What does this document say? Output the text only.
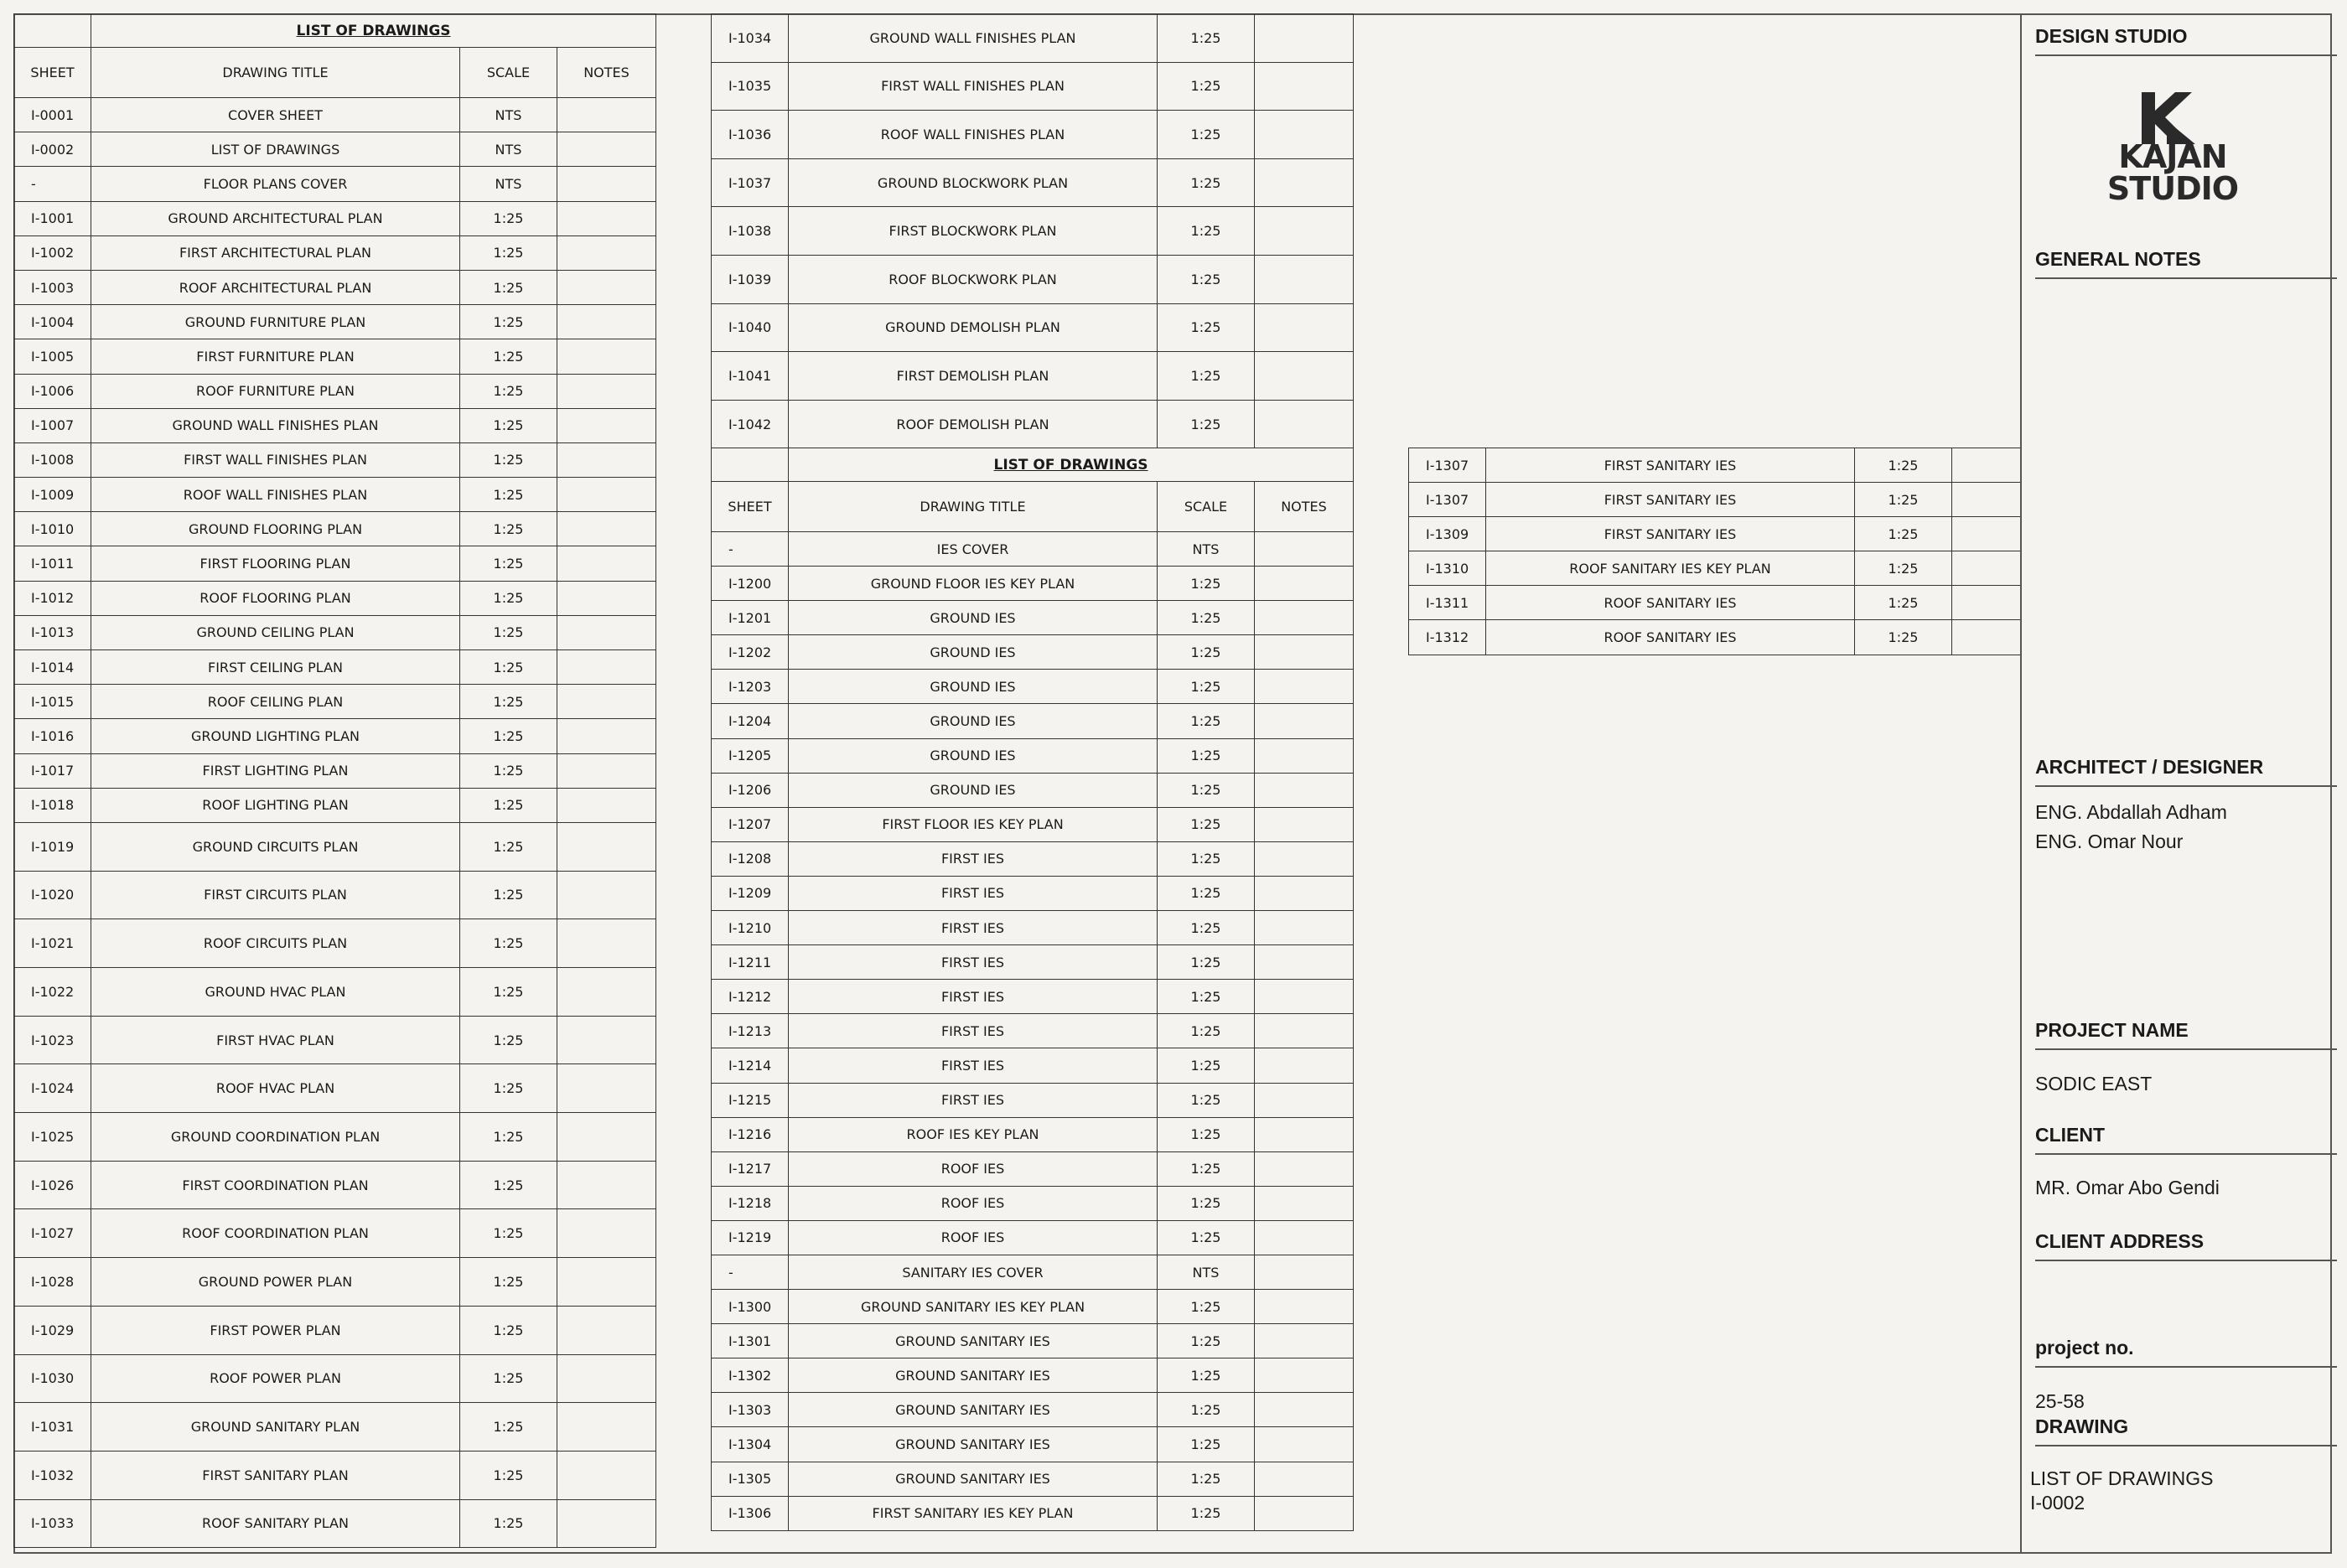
	LIST OF DRAWINGS		
SHEET	DRAWING TITLE	SCALE	NOTES
I-0001	COVER SHEET	NTS	
I-0002	LIST OF DRAWINGS	NTS	
-	FLOOR PLANS COVER	NTS	
I-1001	GROUND ARCHITECTURAL PLAN	1:25	
I-1002	FIRST ARCHITECTURAL PLAN	1:25	
I-1003	ROOF ARCHITECTURAL PLAN	1:25	
I-1004	GROUND FURNITURE PLAN	1:25	
I-1005	FIRST FURNITURE PLAN	1:25	
I-1006	ROOF FURNITURE PLAN	1:25	
I-1007	GROUND WALL FINISHES PLAN	1:25	
I-1008	FIRST WALL FINISHES PLAN	1:25	
I-1009	ROOF WALL FINISHES PLAN	1:25	
I-1010	GROUND FLOORING PLAN	1:25	
I-1011	FIRST FLOORING PLAN	1:25	
I-1012	ROOF FLOORING PLAN	1:25	
I-1013	GROUND CEILING PLAN	1:25	
I-1014	FIRST CEILING PLAN	1:25	
I-1015	ROOF CEILING PLAN	1:25	
I-1016	GROUND LIGHTING PLAN	1:25	
I-1017	FIRST LIGHTING PLAN	1:25	
I-1018	ROOF LIGHTING PLAN	1:25	
I-1019	GROUND CIRCUITS PLAN	1:25	
I-1020	FIRST CIRCUITS PLAN	1:25	
I-1021	ROOF CIRCUITS PLAN	1:25	
I-1022	GROUND HVAC PLAN	1:25	
I-1023	FIRST HVAC PLAN	1:25	
I-1024	ROOF HVAC PLAN	1:25	
I-1025	GROUND COORDINATION PLAN	1:25	
I-1026	FIRST COORDINATION PLAN	1:25	
I-1027	ROOF COORDINATION PLAN	1:25	
I-1028	GROUND POWER PLAN	1:25	
I-1029	FIRST POWER PLAN	1:25	
I-1030	ROOF POWER PLAN	1:25	
I-1031	GROUND SANITARY PLAN	1:25	
I-1032	FIRST SANITARY PLAN	1:25	
I-1033	ROOF SANITARY PLAN	1:25	
I-1034	GROUND WALL FINISHES PLAN	1:25	
I-1035	FIRST WALL FINISHES PLAN	1:25	
I-1036	ROOF WALL FINISHES PLAN	1:25	
I-1037	GROUND BLOCKWORK PLAN	1:25	
I-1038	FIRST BLOCKWORK PLAN	1:25	
I-1039	ROOF BLOCKWORK PLAN	1:25	
I-1040	GROUND DEMOLISH PLAN	1:25	
I-1041	FIRST DEMOLISH PLAN	1:25	
I-1042	ROOF DEMOLISH PLAN	1:25	
	LIST OF DRAWINGS		
SHEET	DRAWING TITLE	SCALE	NOTES
-	IES COVER	NTS	
I-1200	GROUND FLOOR IES KEY PLAN	1:25	
I-1201	GROUND IES	1:25	
I-1202	GROUND IES	1:25	
I-1203	GROUND IES	1:25	
I-1204	GROUND IES	1:25	
I-1205	GROUND IES	1:25	
I-1206	GROUND IES	1:25	
I-1207	FIRST FLOOR IES KEY PLAN	1:25	
I-1208	FIRST IES	1:25	
I-1209	FIRST IES	1:25	
I-1210	FIRST IES	1:25	
I-1211	FIRST IES	1:25	
I-1212	FIRST IES	1:25	
I-1213	FIRST IES	1:25	
I-1214	FIRST IES	1:25	
I-1215	FIRST IES	1:25	
I-1216	ROOF IES KEY PLAN	1:25	
I-1217	ROOF IES	1:25	
I-1218	ROOF IES	1:25	
I-1219	ROOF IES	1:25	
-	SANITARY IES COVER	NTS	
I-1300	GROUND SANITARY IES KEY PLAN	1:25	
I-1301	GROUND SANITARY IES	1:25	
I-1302	GROUND SANITARY IES	1:25	
I-1303	GROUND SANITARY IES	1:25	
I-1304	GROUND SANITARY IES	1:25	
I-1305	GROUND SANITARY IES	1:25	
I-1306	FIRST SANITARY IES KEY PLAN	1:25	
I-1307	FIRST SANITARY IES	1:25	
I-1307	FIRST SANITARY IES	1:25	
I-1309	FIRST SANITARY IES	1:25	
I-1310	ROOF SANITARY IES KEY PLAN	1:25	
I-1311	ROOF SANITARY IES	1:25	
I-1312	ROOF SANITARY IES	1:25	
DESIGN STUDIO
KAJAN
STUDIO
GENERAL NOTES
ARCHITECT / DESIGNER
ENG. Abdallah Adham
ENG. Omar Nour
PROJECT NAME
SODIC EAST
CLIENT
MR. Omar Abo Gendi
CLIENT ADDRESS
project no.
25-58
DRAWING
LIST OF DRAWINGS
I-0002
